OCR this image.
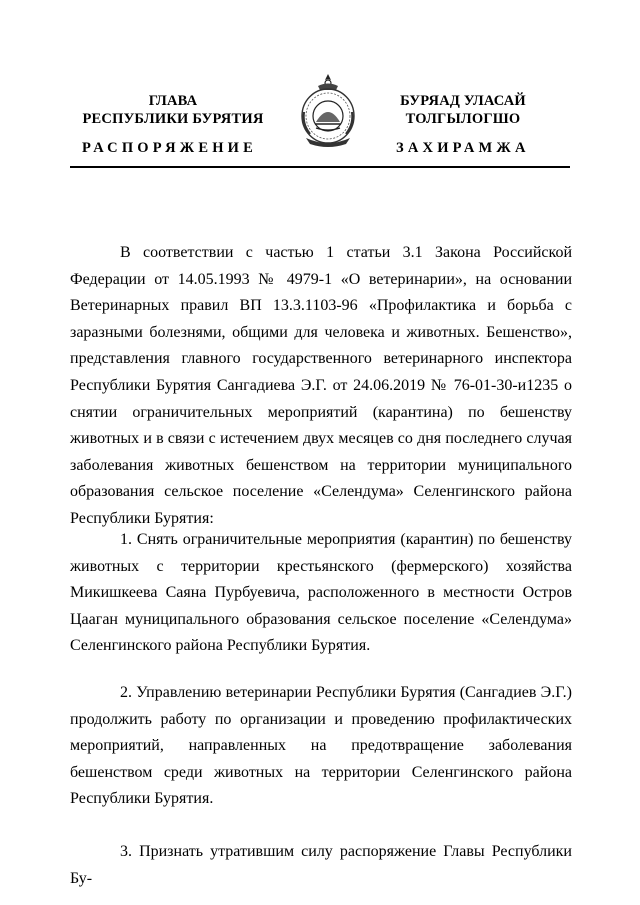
ГЛАВА
РЕСПУБЛИКИ БУРЯТИЯ
БУРЯАД УЛАСАЙ
ТОЛГЫЛОГШО
РАСПОРЯЖЕНИЕ	ЗАХИРАМЖА

В соответствии с частью 1 статьи 3.1 Закона Российской Федерации от 14.05.1993 № 4979-1 «О ветеринарии», на основании Ветеринарных правил ВП 13.3.1103-96 «Профилактика и борьба с заразными болезнями, общими для человека и животных. Бешенство», представления главного государственного ветеринарного инспектора Республики Бурятия Сангадиева Э.Г. от 24.06.2019 № 76-01-30-и1235 о снятии ограничительных мероприятий (карантина) по бешенству животных и в связи с истечением двух месяцев со дня последнего случая заболевания животных бешенством на территории муниципального образования сельское поселение «Селендума» Селенгинского района Республики Бурятия:

1. Снять ограничительные мероприятия (карантин) по бешенству животных с территории крестьянского (фермерского) хозяйства Микишкеева Саяна Пурбуевича, расположенного в местности Остров Цааган муниципального образования сельское поселение «Селендума» Селенгинского района Республики Бурятия.

2. Управлению ветеринарии Республики Бурятия (Сангадиев Э.Г.) продолжить работу по организации и проведению профилактических мероприятий, направленных на предотвращение заболевания бешенством среди животных на территории Селенгинского района Республики Бурятия.

3. Признать утратившим силу распоряжение Главы Республики Бу-
